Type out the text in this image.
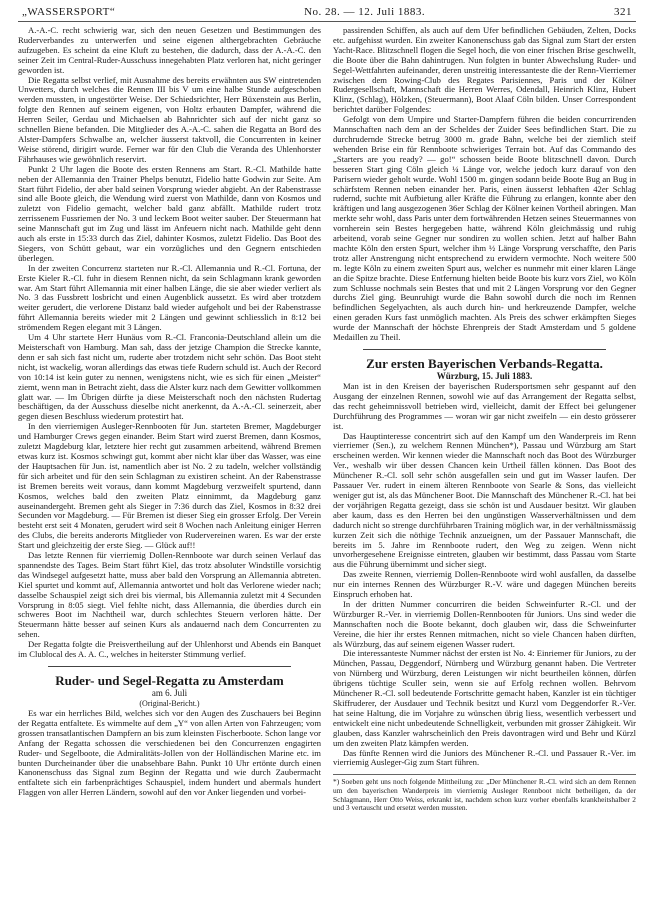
„WASSERSPORT“	No. 28. — 12. Juli 1883.	321

A.-A.-C. recht schwierig war, sich den neuen Gesetzen und Bestimmungen des Ruderverbandes zu unterwerfen und seine eigenen althergebrachten Gebräuche aufzugeben. Es scheint da eine Kluft zu bestehen, die dadurch, dass der A.-A.-C. den seiner Zeit im Central-Ruder-Ausschuss innegehabten Platz verloren hat, nicht geringer geworden ist.

Die Regatta selbst verlief, mit Ausnahme des bereits erwähnten aus SW eintretenden Unwetters, durch welches die Rennen III bis V um eine halbe Stunde aufgeschoben werden mussten, in ungestörter Weise. Der Schiedsrichter, Herr Büxenstein aus Berlin, folgte den Rennen auf seinem eigenen, von Holtz erbauten Dampfer, während die Herren Seiler, Gerdau und Michaelsen ab Bahnrichter sich auf der nicht ganz so schnellen Biene befanden. Die Mitglieder des A.-A.-C. sahen die Regatta an Bord des Alster-Dampfers Schwalbe an, welcher äusserst taktvoll, die Concurrenten in keiner Weise störend, dirigirt wurde. Ferner war für den Club die Veranda des Uhlenhorster Fährhauses wie gewöhnlich reservirt.

Punkt 2 Uhr lagen die Boote des ersten Rennens am Start. R.-Cl. Mathilde hatte neben der Allemannia den Trainer Phelps benutzt, Fidelio hatte Godwin zur Seite. Am Start führt Fidelio, der aber bald seinen Vorsprung wieder abgiebt. An der Rabenstrasse sind alle Boote gleich, die Wendung wird zuerst von Mathilde, dann von Kosmos und zuletzt von Fidelio gemacht, welcher bald ganz abfällt. Mathilde rudert trotz zerrissenem Fussriemen der No. 3 und leckem Boot weiter sauber. Der Steuermann hat seine Mannschaft gut im Zug und lässt im Anfeuern nicht nach. Mathilde geht denn auch als erste in 15:33 durch das Ziel, dahinter Kosmos, zuletzt Fidelio. Das Boot des Siegers, von Schütt gebaut, war ein vorzügliches und den Gegnern entschieden überlegen.

In der zweiten Concurrenz starteten nur R.-Cl. Allemannia und R.-Cl. Fortuna, der Erste Kieler R.-Cl. fuhr in diesem Rennen nicht, da sein Schlagmann krank geworden war. Am Start führt Allemannia mit einer halben Länge, die sie aber wieder verliert als No. 3 das Fussbrett losbricht und einen Augenblick aussetzt. Es wird aber trotzdem weiter gerudert, die verlorene Distanz bald wieder aufgeholt und bei der Rabenstrasse führt Allemannia bereits wieder mit 2 Längen und gewinnt schliesslich in 8:12 bei strömendem Regen elegant mit 3 Längen.

Um 4 Uhr startete Herr Hunäus vom R.-Cl. Franconia-Deutschland allein um die Meisterschaft von Hamburg. Man sah, dass der jetzige Champion die Strecke kannte, denn er sah sich fast nicht um, ruderte aber trotzdem nicht sehr schön. Das Boot steht nicht, ist wackelig, woran allerdings das etwas tiefe Rudern schuld ist. Auch der Record von 10:14 ist kein guter zu nennen, wenigstens nicht, wie es sich für einen „Meister“ ziemt, wenn man in Betracht zieht, dass die Alster kurz nach dem Gewitter vollkommen glatt war. — Im Übrigen dürfte ja diese Meisterschaft noch den nächsten Rudertag beschäftigen, da der Ausschuss dieselbe nicht anerkennt, da A.-A.-Cl. seinerzeit, aber gegen diesen Beschluss wiederum protestirt hat.

In den vierriemigen Ausleger-Rennbooten für Jun. starteten Bremer, Magdeburger und Hamburger Crews gegen einander. Beim Start wird zuerst Bremen, dann Kosmos, zuletzt Magdeburg klar, letztere hier recht gut zusammen arbeitend, während Bremen etwas kurz ist. Kosmos schwingt gut, kommt aber nicht klar über das Wasser, was eine der Hauptsachen für Jun. ist, namentlich aber ist No. 2 zu tadeln, welcher vollständig für sich arbeitet und für den sein Schlagman zu existiren scheint. An der Rabenstrasse ist Bremen bereits weit voraus, dann kommt Magdeburg verzweifelt spurtend, dann Kosmos, welches bald den zweiten Platz einnimmt, da Magdeburg ganz auseinandergeht. Bremen geht als Sieger in 7:36 durch das Ziel, Kosmos in 8:32 drei Secunden vor Magdeburg. — Für Bremen ist dieser Sieg ein grosser Erfolg. Der Verein besteht erst seit 4 Monaten, gerudert wird seit 8 Wochen nach Anleitung einiger Herren des Clubs, die bereits anderorts Mitglieder von Rudervereinen waren. Es war der erste Start und gleichzeitig der erste Sieg. — Glück auf!!

Das letzte Rennen für vierriemig Dollen-Rennboote war durch seinen Verlauf das spannendste des Tages. Beim Start führt Kiel, das trotz absoluter Windstille vorsichtig das Windsegel aufgesetzt hatte, muss aber bald den Vorsprung an Allemannia abtreten. Kiel spurtet und kommt auf, Allemannia antwortet und holt das Verlorene wieder nach; dasselbe Schauspiel zeigt sich drei bis viermal, bis Allemannia zuletzt mit 4 Secunden Vorsprung in 8:05 siegt. Viel fehlte nicht, dass Allemannia, die überdies durch ein schweres Boot im Nachtheil war, durch schlechtes Steuern verloren hätte. Der Steuermann hätte besser auf seinen Kurs als andauernd nach dem Concurrenten zu sehen.

Der Regatta folgte die Preisvertheilung auf der Uhlenhorst und Abends ein Banquet im Clublocal des A. A. C., welches in heiterster Stimmung verlief.

Ruder- und Segel-Regatta zu Amsterdam

am 6. Juli

(Original-Bericht.)

Es war ein herrliches Bild, welches sich vor den Augen des Zuschauers bei Beginn der Regatta entfaltete. Es wimmelte auf dem „Y“ von allen Arten von Fahrzeugen; vom grossen transatlantischen Dampfern an bis zum kleinsten Fischerboote. Schon lange vor Anfang der Regatta schossen die verschiedenen bei den Concurrenzen engagirten Ruder- und Segelboote, die Admiralitäts-Jollen von der Holländischen Marine etc. im bunten Durcheinander über die unabsehbare Bahn. Punkt 10 Uhr ertönte durch einen Kanonenschuss das Signal zum Beginn der Regatta und wie durch Zaubermacht entfaltete sich ein farbenprächtiges Schauspiel, indem hundert und abermals hundert Flaggen von aller Herren Ländern, sowohl auf den vor Anker liegenden und vorbei-

passirenden Schiffen, als auch auf dem Ufer befindlichen Gebäuden, Zelten, Docks etc. aufgehisst wurden. Ein zweiter Kanonenschuss gab das Signal zum Start der ersten Yacht-Race. Blitzschnell flogen die Segel hoch, die von einer frischen Brise geschwellt, die Boote über die Bahn dahintrugen. Nun folgten in bunter Abwechslung Ruder- und Segel-Wettfahrten aufeinander, deren unstreitig interessanteste die der Renn-Vierriemer zwischen dem Rowing-Club des Regates Parisiennes, Paris und der Kölner Rudergesellschaft, Mannschaft die Herren Werres, Odendall, Heinrich Klinz, Hubert Klinz, (Schlag), Hölzken, (Steuermann), Boot Alaaf Cöln bilden. Unser Correspondent berichtet darüber Folgendes:

Gefolgt von dem Umpire und Starter-Dampfern führen die beiden concurrirenden Mannschaften nach dem an der Scheldes der Zuider Sees befindlichen Start. Die zu durchrudernde Strecke betrug 3000 m. grade Bahn, welche bei der ziemlich steif wehenden Brise ein für Rennboote schwieriges Terrain bot. Auf das Commando des „Starters are you ready? — go!“ schossen beide Boote blitzschnell davon. Durch besseren Start ging Cöln gleich ¼ Länge vor, welche jedoch kurz darauf von den Parisern wieder geholt wurde. Wohl 1500 m. gingen sodann beide Boote Bug an Bug in schärfstem Rennen neben einander her. Paris, einen äusserst lebhaften 42er Schlag rudernd, suchte mit Aufbietung aller Kräfte die Führung zu erlangen, konnte aber den kräftigen und lang ausgezogenen 36er Schlag der Kölner keinen Vortheil abringen. Man merkte sehr wohl, dass Paris unter dem fortwährenden Hetzen seines Steuermannes von vornherein sein Bestes hergegeben hatte, während Köln gleichmässig und ruhig arbeitend, vorab seine Gegner nur sondiren zu wollen schien. Jetzt auf halber Bahn machte Köln den ersten Spurt, welcher ihm ½ Länge Vorsprung verschaffte, den Paris trotz aller Anstrengung nicht entsprechend zu erwidern vermochte. Noch weitere 500 m. legte Köln zu einem zweiten Spurt aus, welcher es nunmehr mit einer klaren Länge an die Spitze brachte. Diese Entfernung hielten beide Boote bis kurz vors Ziel, wo Köln zum Schlusse nochmals sein Bestes that und mit 2 Längen Vorsprung vor den Gegner durchs Ziel ging. Beunruhigt wurde die Bahn sowohl durch die noch im Rennen befindlichen Segelyachten, als auch durch hin- und herkreuzende Dampfer, welche einen geraden Kurs fast unmöglich machten. Als Preis des schwer erkämpften Sieges wurde der Mannschaft der höchste Ehrenpreis der Stadt Amsterdam und 5 goldene Medaillen zu Theil.

Zur ersten Bayerischen Verbands-Regatta.

Würzburg, 15. Juli 1883.

Man ist in den Kreisen der bayerischen Rudersportsmen sehr gespannt auf den Ausgang der einzelnen Rennen, sowohl wie auf das Arrangement der Regatta selbst, das recht geheimnissvoll betrieben wird, vielleicht, damit der Effect bei gelungener Durchführung des Programmes — woran wir gar nicht zweifeln — ein desto grösserer ist.

Das Hauptinteresse concentrirt sich auf den Kampf um den Wanderpreis im Renn vierriemer (Sen.), zu welchem Rennen München*), Passau und Würzburg am Start erscheinen werden. Wir kennen wieder die Mannschaft noch das Boot des Würzburger Ver., weshalb wir über dessen Chancen kein Urtheil fällen können. Das Boot des Münchener R.-Cl. soll sehr schön ausgefallen sein und gut im Wasser laufen. Der Passauer Ver. rudert in einem älteren Rennboote von Searle & Sons, das vielleicht weniger gut ist, als das Münchener Boot. Die Mannschaft des Münchener R.-Cl. hat bei der vorjährigen Regatta gezeigt, dass sie schön ist und Ausdauer besitzt. Wir glauben aber kaum, dass es den Herren bei den ungünstigen Wasserverhältnissen und dem dadurch nicht so strenge durchführbaren Training möglich war, in der verhältnissmässig kurzen Zeit sich die nöthige Technik anzueignen, um der Passauer Mannschaft, die bereits im 5. Jahre im Rennboote rudert, den Weg zu zeigen. Wenn nicht unvorhergesehene Ereignisse eintreten, glauben wir bestimmt, dass Passau vom Starte aus die Führung übernimmt und sicher siegt.

Das zweite Rennen, vierriemig Dollen-Rennboote wird wohl ausfallen, da dasselbe nur ein internes Rennen des Würzburger R.-V. wäre und dagegen München bereits Einspruch erhoben hat.

In der dritten Nummer concurriren die beiden Schweinfurter R.-Cl. und der Würzburger R.-Ver. in vierriemig Dollen-Rennbooten für Juniors. Uns sind weder die Mannschaften noch die Boote bekannt, doch glauben wir, dass die Schweinfurter Vereine, die hier ihr erstes Rennen mitmachen, nicht so viele Chancen haben dürften, als Würzburg, das auf seinem eigenen Wasser rudert.

Die interessanteste Nummer nächst der ersten ist No. 4: Einriemer für Juniors, zu der München, Passau, Deggendorf, Nürnberg und Würzburg genannt haben. Die Vertreter von Nürnberg und Würzburg, deren Leistungen wir nicht beurtheilen können, dürfen übrigens tüchtige Sculler sein, wenn sie auf Erfolg rechnen wollen. Behrvom Münchener R.-Cl. soll bedeutende Fortschritte gemacht haben, Kanzler ist ein tüchtiger Skiffruderer, der Ausdauer und Technik besitzt und Kurzl vom Deggendorfer R.-Ver. hat seine Haltung, die im Vorjahre zu wünschen übrig liess, wesentlich verbessert und entwickelt eine nicht unbedeutende Schnelligkeit, verbunden mit grosser Zähigkeit. Wir glauben, dass Kanzler wahrscheinlich den Preis davontragen wird und Behr und Kürzl um den zweiten Platz kämpfen werden.

Das fünfte Rennen wird die Juniors des Münchener R.-Cl. und Passauer R.-Ver. im vierriemig Ausleger-Gig zum Start führen.

*) Soeben geht uns noch folgende Mittheilung zu: „Der Münchener R.-Cl. wird sich an dem Rennen um den bayerischen Wanderpreis im vierriemig Ausleger Rennboot nicht betheiligen, da der Schlagmann, Herr Otto Weiss, erkrankt ist, nachdem schon kurz vorher ebenfalls krankheitshalber 2 und 3 vertauscht und ersetzt werden mussten.
